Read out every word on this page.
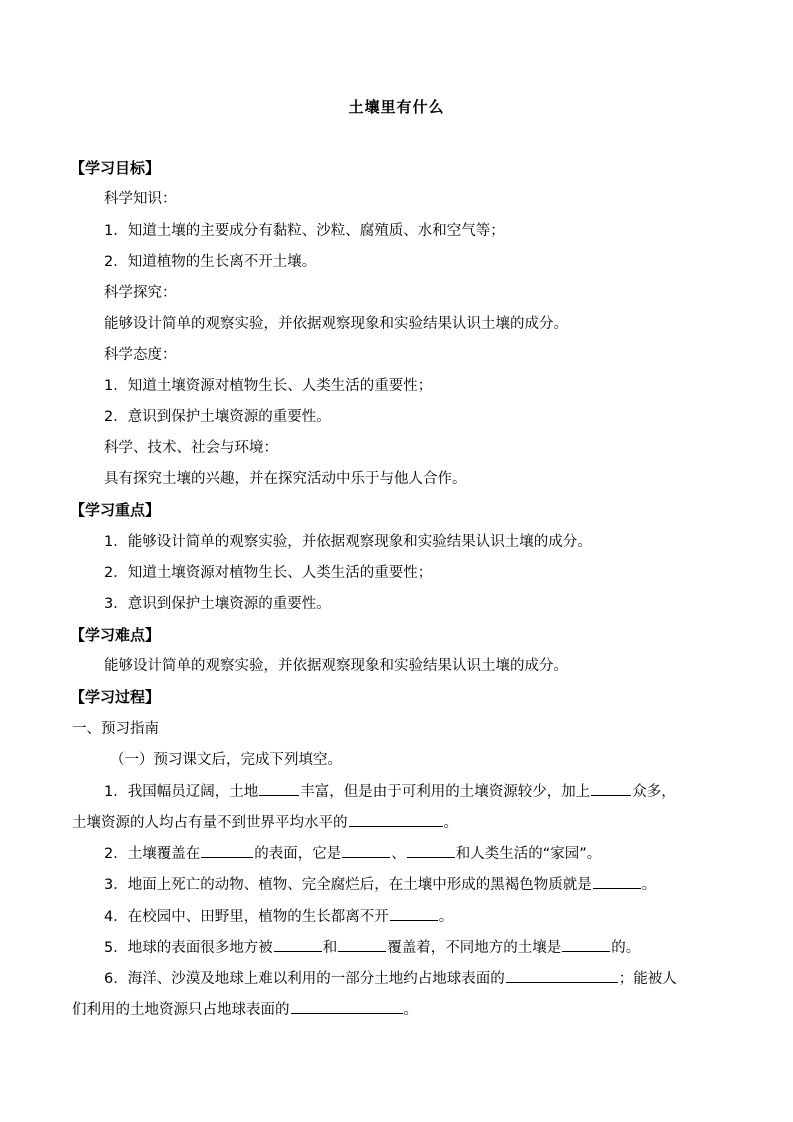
土壤里有什么
【学习目标】
科学知识：
1．知道土壤的主要成分有黏粒、沙粒、腐殖质、水和空气等；
2．知道植物的生长离不开土壤。
科学探究：
能够设计简单的观察实验，并依据观察现象和实验结果认识土壤的成分。
科学态度：
1．知道土壤资源对植物生长、人类生活的重要性；
2．意识到保护土壤资源的重要性。
科学、技术、社会与环境：
具有探究土壤的兴趣，并在探究活动中乐于与他人合作。
【学习重点】
1．能够设计简单的观察实验，并依据观察现象和实验结果认识土壤的成分。
2．知道土壤资源对植物生长、人类生活的重要性；
3．意识到保护土壤资源的重要性。
【学习难点】
能够设计简单的观察实验，并依据观察现象和实验结果认识土壤的成分。
【学习过程】
一、预习指南
（一）预习课文后，完成下列填空。
1．我国幅员辽阔，土地	丰富，但是由于可利用的土壤资源较少，加上	众多，
土壤资源的人均占有量不到世界平均水平的	。
2．土壤覆盖在	的表面，它是	、	和人类生活的“家园”。
3．地面上死亡的动物、植物、完全腐烂后，在土壤中形成的黑褐色物质就是	。
4．在校园中、田野里，植物的生长都离不开	。
5．地球的表面很多地方被	和	覆盖着，不同地方的土壤是	的。
6．海洋、沙漠及地球上难以利用的一部分土地约占地球表面的	；能被人
们利用的土地资源只占地球表面的	。
